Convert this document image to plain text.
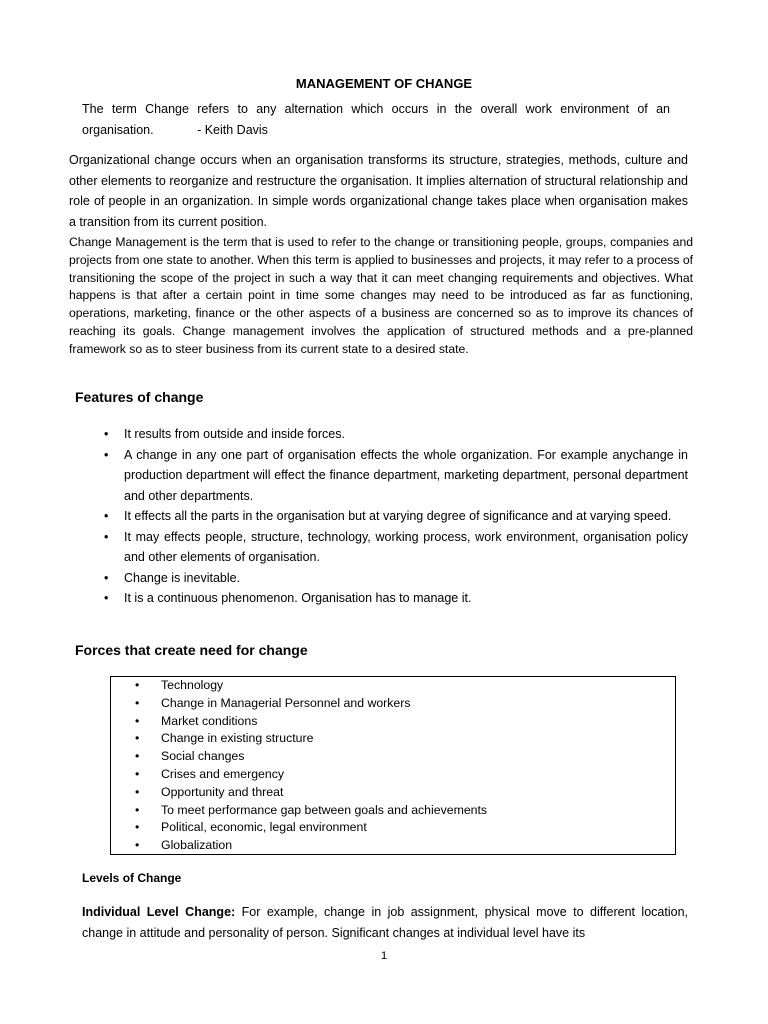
MANAGEMENT OF CHANGE
The term Change refers to any alternation which occurs in the overall work environment of an organisation.	- Keith Davis
Organizational change occurs when an organisation transforms its structure, strategies, methods, culture and other elements to reorganize and restructure the organisation. It implies alternation of structural relationship and role of people in an organization. In simple words organizational change takes place when organisation makes a transition from its current position.
Change Management is the term that is used to refer to the change or transitioning people, groups, companies and projects from one state to another. When this term is applied to businesses and projects, it may refer to a process of transitioning the scope of the project in such a way that it can meet changing requirements and objectives. What happens is that after a certain point in time some changes may need to be introduced as far as functioning, operations, marketing, finance or the other aspects of a business are concerned so as to improve its chances of reaching its goals. Change management involves the application of structured methods and a pre-planned framework so as to steer business from its current state to a desired state.
Features of change
• It results from outside and inside forces.
• A change in any one part of organisation effects the whole organization. For example anychange in production department will effect the finance department, marketing department, personal department and other departments.
• It effects all the parts in the organisation but at varying degree of significance and at varying speed.
• It may effects people, structure, technology, working process, work environment, organisation policy and other elements of organisation.
• Change is inevitable.
• It is a continuous phenomenon. Organisation has to manage it.
Forces that create need for change
• Technology
• Change in Managerial Personnel and workers
• Market conditions
• Change in existing structure
• Social changes
• Crises and emergency
• Opportunity and threat
• To meet performance gap between goals and achievements
• Political, economic, legal environment
• Globalization
Levels of Change
Individual Level Change: For example, change in job assignment, physical move to different location, change in attitude and personality of person. Significant changes at individual level have its
1
